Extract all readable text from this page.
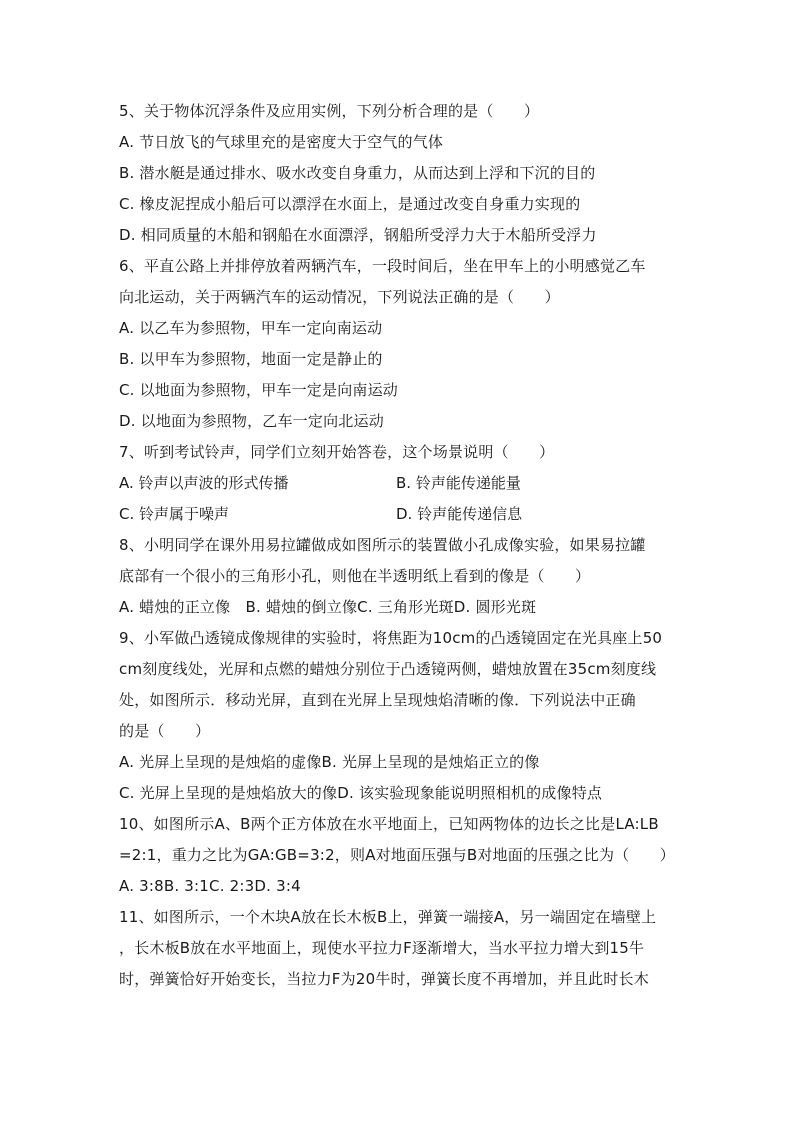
5、关于物体沉浮条件及应用实例，下列分析合理的是（　　）
A. 节日放飞的气球里充的是密度大于空气的气体
B. 潜水艇是通过排水、吸水改变自身重力，从而达到上浮和下沉的目的
C. 橡皮泥捏成小船后可以漂浮在水面上，是通过改变自身重力实现的
D. 相同质量的木船和钢船在水面漂浮，钢船所受浮力大于木船所受浮力
6、平直公路上并排停放着两辆汽车，一段时间后，坐在甲车上的小明感觉乙车
向北运动，关于两辆汽车的运动情况，下列说法正确的是（　　）
A. 以乙车为参照物，甲车一定向南运动
B. 以甲车为参照物，地面一定是静止的
C. 以地面为参照物，甲车一定是向南运动
D. 以地面为参照物，乙车一定向北运动
7、听到考试铃声，同学们立刻开始答卷，这个场景说明（　　）
A. 铃声以声波的形式传播	B. 铃声能传递能量
C. 铃声属于噪声	D. 铃声能传递信息
8、小明同学在课外用易拉罐做成如图所示的装置做小孔成像实验，如果易拉罐
底部有一个很小的三角形小孔，则他在半透明纸上看到的像是（　　）
A. 蜡烛的正立像　B. 蜡烛的倒立像C. 三角形光斑D. 圆形光斑
9、小军做凸透镜成像规律的实验时，将焦距为10cm的凸透镜固定在光具座上50
cm刻度线处，光屏和点燃的蜡烛分别位于凸透镜两侧，蜡烛放置在35cm刻度线
处，如图所示．移动光屏，直到在光屏上呈现烛焰清晰的像．下列说法中正确
的是（　　）
A. 光屏上呈现的是烛焰的虚像B. 光屏上呈现的是烛焰正立的像
C. 光屏上呈现的是烛焰放大的像D. 该实验现象能说明照相机的成像特点
10、如图所示A、B两个正方体放在水平地面上，已知两物体的边长之比是LA:LB
=2:1，重力之比为GA:GB=3:2，则A对地面压强与B对地面的压强之比为（　　）
A. 3:8B. 3:1C. 2:3D. 3:4
11、如图所示，一个木块A放在长木板B上，弹簧一端接A，另一端固定在墙壁上
，长木板B放在水平地面上，现使水平拉力F逐渐增大，当水平拉力增大到15牛
时，弹簧恰好开始变长，当拉力F为20牛时，弹簧长度不再增加，并且此时长木
